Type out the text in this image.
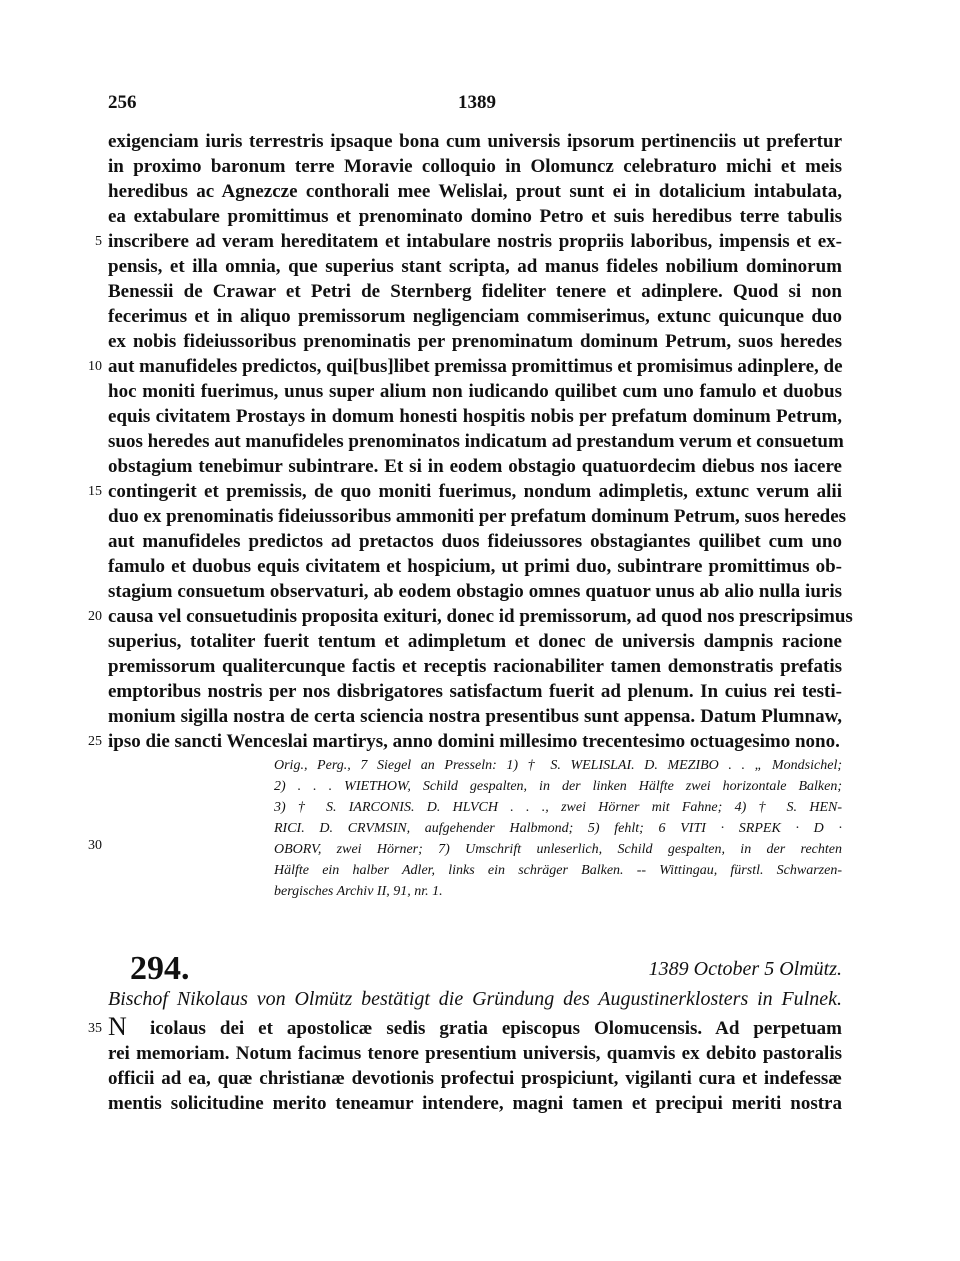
256	1389
exigenciam iuris terrestris ipsaque bona cum universis ipsorum pertinenciis ut prefertur
in proximo baronum terre Moravie colloquio in Olomuncz celebraturo michi et meis
heredibus ac Agnezcze conthorali mee Welislai, prout sunt ei in dotalicium intabulata,
ea extabulare promittimus et prenominato domino Petro et suis heredibus terre tabulis
inscribere ad veram hereditatem et intabulare nostris propriis laboribus, impensis et ex-
pensis, et illa omnia, que superius stant scripta, ad manus fideles nobilium dominorum
Benessii de Crawar et Petri de Sternberg fideliter tenere et adinplere. Quod si non
fecerimus et in aliquo premissorum negligenciam commiserimus, extunc quicunque duo
ex nobis fideiussoribus prenominatis per prenominatum dominum Petrum, suos heredes
aut manufideles predictos, qui[bus]libet premissa promittimus et promisimus adinplere, de
hoc moniti fuerimus, unus super alium non iudicando quilibet cum uno famulo et duobus
equis civitatem Prostays in domum honesti hospitis nobis per prefatum dominum Petrum,
suos heredes aut manufideles prenominatos indicatum ad prestandum verum et consuetum
obstagium tenebimur subintrare. Et si in eodem obstagio quatuordecim diebus nos iacere
contingerit et premissis, de quo moniti fuerimus, nondum adimpletis, extunc verum alii
duo ex prenominatis fideiussoribus ammoniti per prefatum dominum Petrum, suos heredes
aut manufideles predictos ad pretactos duos fideiussores obstagiantes quilibet cum uno
famulo et duobus equis civitatem et hospicium, ut primi duo, subintrare promittimus ob-
stagium consuetum observaturi, ab eodem obstagio omnes quatuor unus ab alio nulla iuris
causa vel consuetudinis proposita exituri, donec id premissorum, ad quod nos prescripsimus
superius, totaliter fuerit tentum et adimpletum et donec de universis dampnis racione
premissorum qualitercunque factis et receptis racionabiliter tamen demonstratis prefatis
emptoribus nostris per nos disbrigatores satisfactum fuerit ad plenum. In cuius rei testi-
monium sigilla nostra de certa sciencia nostra presentibus sunt appensa. Datum Plumnaw,
ipso die sancti Wenceslai martirys, anno domini millesimo trecentesimo octuagesimo nono.
5
10
15
20
25
30
35
Orig., Perg., 7 Siegel an Presseln: 1) † S. WELISLAI. D. MEZIBO . . „ Mondsichel;
2) . . . WIETHOW, Schild gespalten, in der linken Hälfte zwei horizontale Balken;
3) † S. IARCONIS. D. HLVCH . . ., zwei Hörner mit Fahne; 4) † S. HEN-
RICI. D. CRVMSIN, aufgehender Halbmond; 5) fehlt; 6 VITI · SRPEK · D ·
OBORV, zwei Hörner; 7) Umschrift unleserlich, Schild gespalten, in der rechten
Hälfte ein halber Adler, links ein schräger Balken. -- Wittingau, fürstl. Schwarzen-
bergisches Archiv II, 91, nr. 1.
294.	1389 October 5 Olmütz.
Bischof Nikolaus von Olmütz bestätigt die Gründung des Augustinerklosters in Fulnek.
N icolaus dei et apostolicæ sedis gratia episcopus Olomucensis. Ad perpetuam
rei memoriam. Notum facimus tenore presentium universis, quamvis ex debito pastoralis
officii ad ea, quæ christianæ devotionis profectui prospiciunt, vigilanti cura et indefessæ
mentis solicitudine merito teneamur intendere, magni tamen et precipui meriti nostra
